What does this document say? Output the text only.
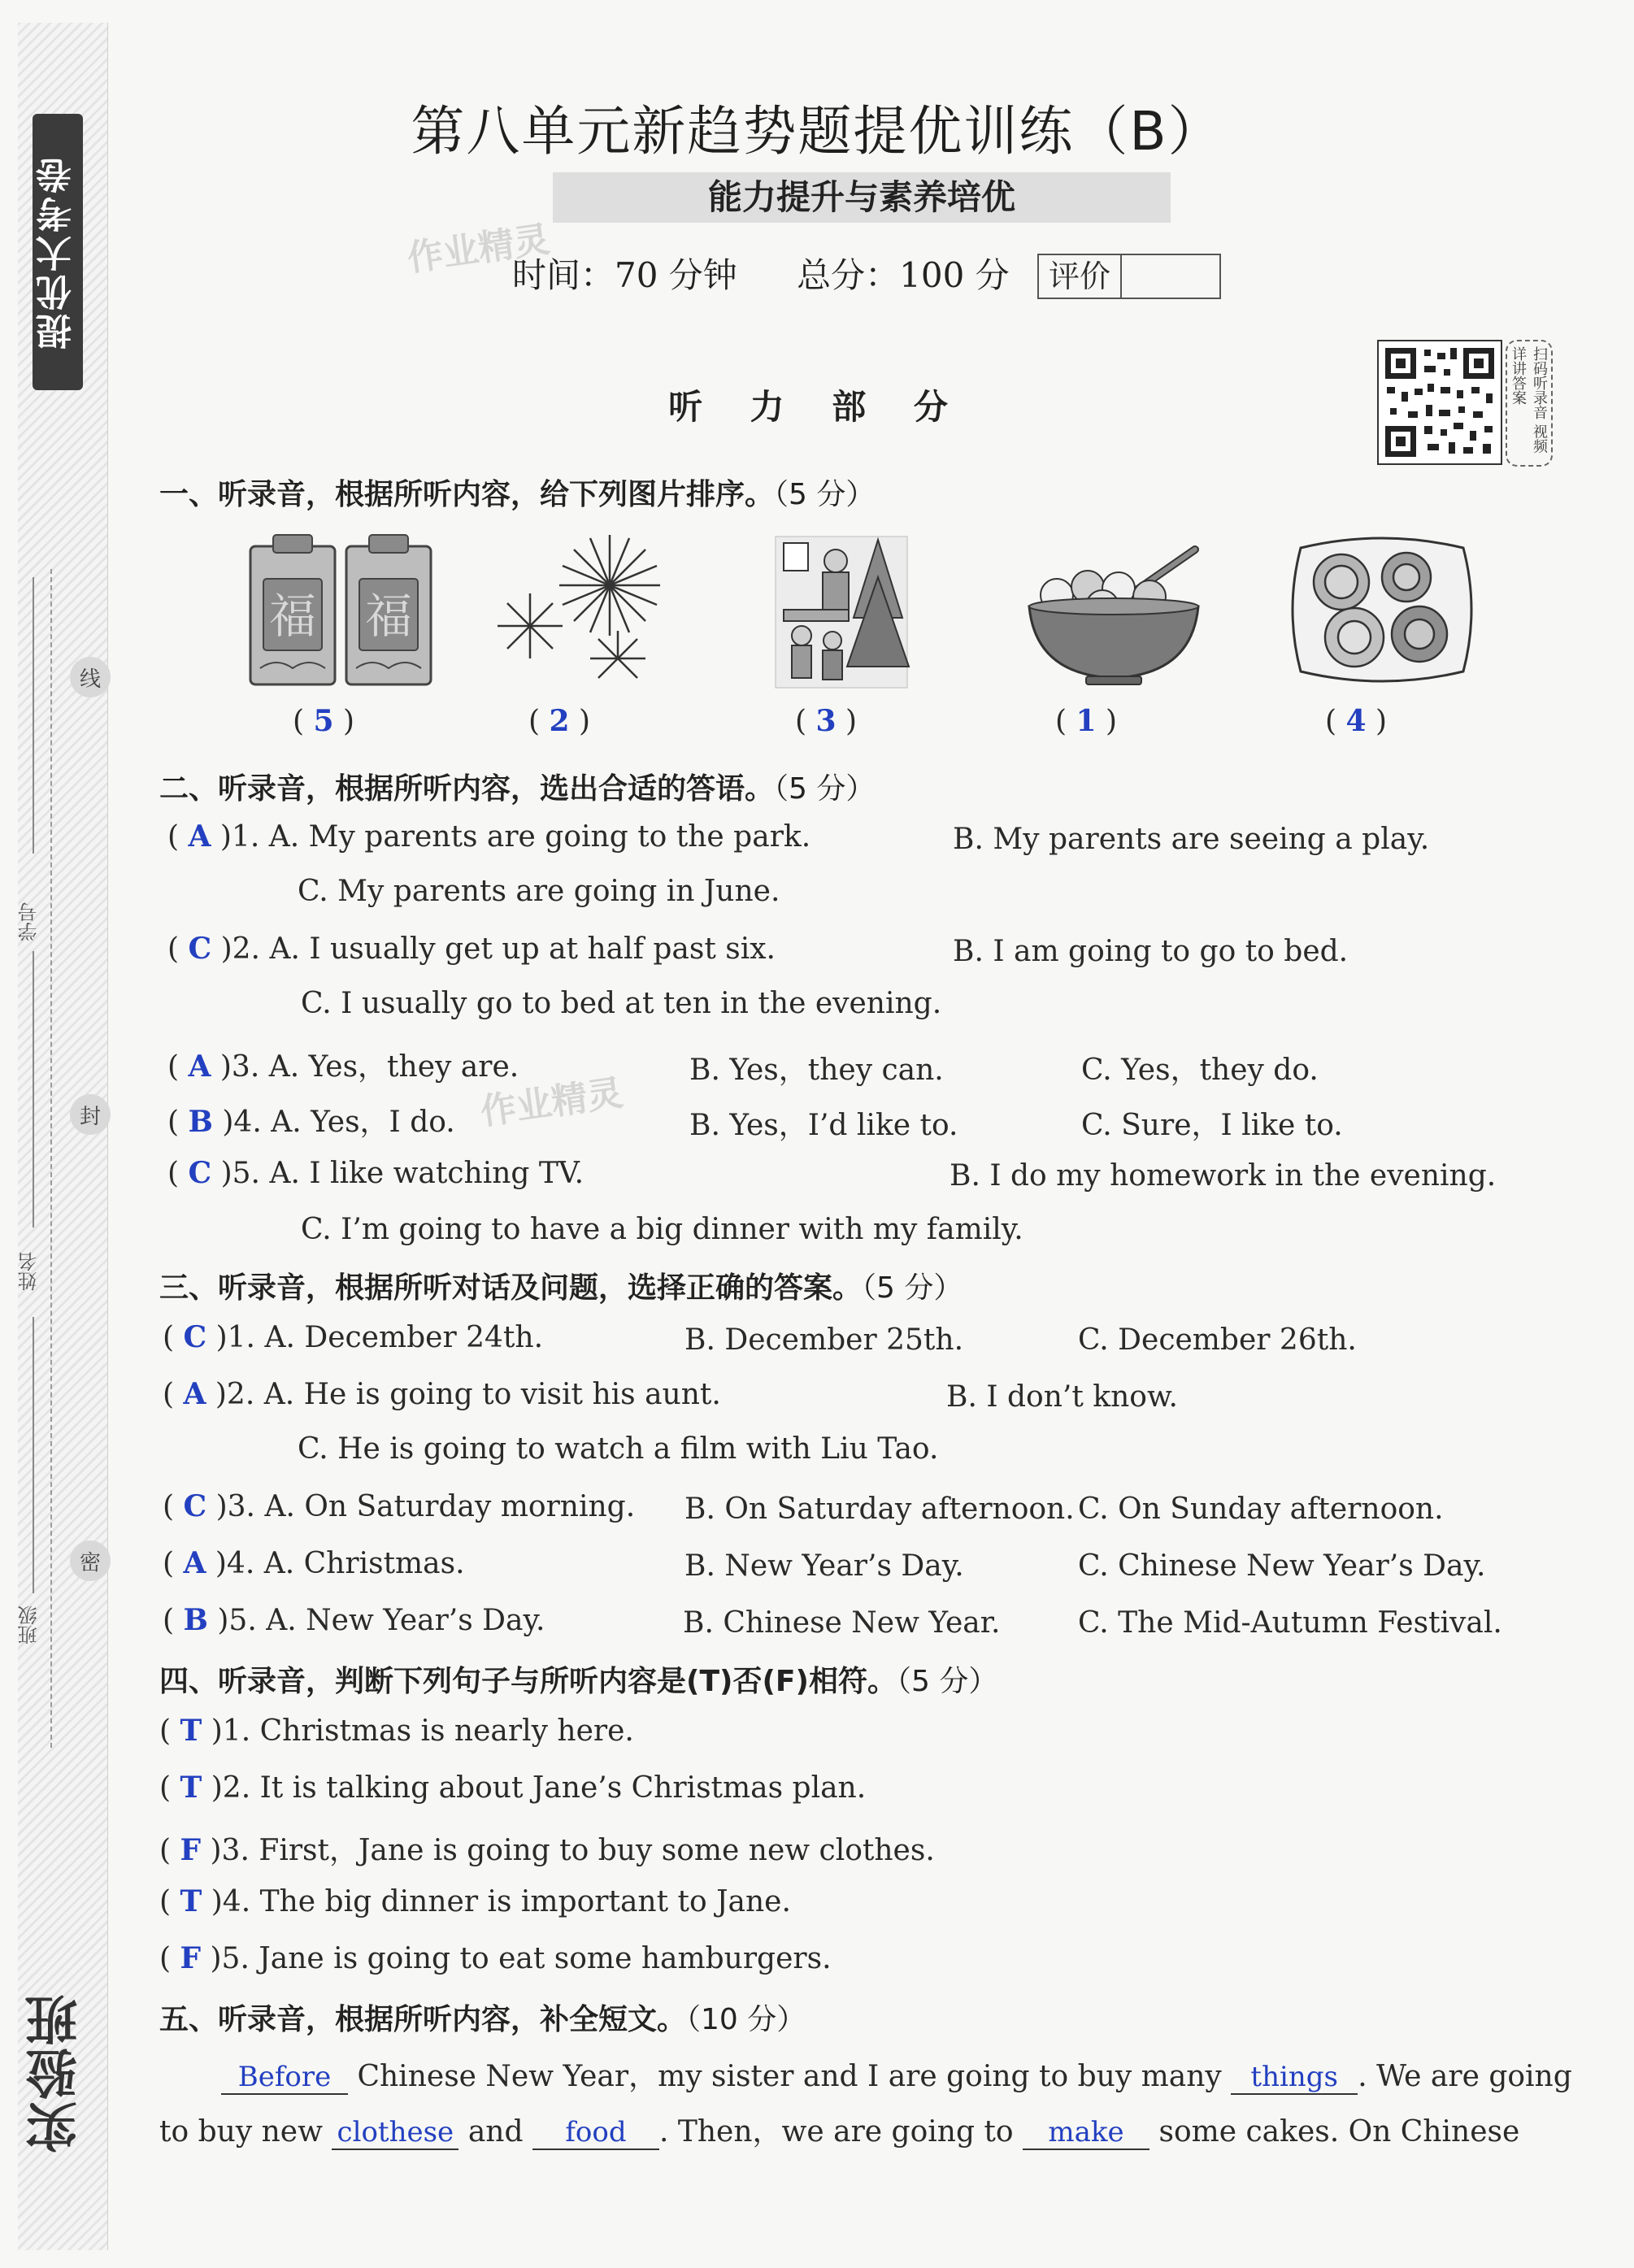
提优大考卷
实验班
线
封
密
学号
姓名
班级
第八单元新趋势题提优训练（B）
能力提升与素养培优
时间：70 分钟 总分：100 分	评价
作业精灵
作业精灵
扫码听录音 视频详讲答案
听 力 部 分
一、听录音，根据所听内容，给下列图片排序。（5 分）
福 福
( 5 )	( 2 )	( 3 )	( 1 )	( 4 )
二、听录音，根据所听内容，选出合适的答语。（5 分）
( A )1. A. My parents are going to the park.	B. My parents are seeing a play.
C. My parents are going in June.
( C )2. A. I usually get up at half past six.	B. I am going to go to bed.
C. I usually go to bed at ten in the evening.
( A )3. A. Yes，they are.	B. Yes，they can.	C. Yes，they do.
( B )4. A. Yes，I do.	B. Yes，I’d like to.	C. Sure，I like to.
( C )5. A. I like watching TV.	B. I do my homework in the evening.
C. I’m going to have a big dinner with my family.
三、听录音，根据所听对话及问题，选择正确的答案。（5 分）
( C )1. A. December 24th.	B. December 25th.	C. December 26th.
( A )2. A. He is going to visit his aunt.	B. I don’t know.
C. He is going to watch a film with Liu Tao.
( C )3. A. On Saturday morning. B. On Saturday afternoon. C. On Sunday afternoon.
( A )4. A. Christmas.	B. New Year’s Day.	C. Chinese New Year’s Day.
( B )5. A. New Year’s Day.	B. Chinese New Year.	C. The Mid-Autumn Festival.
四、听录音，判断下列句子与所听内容是(T)否(F)相符。（5 分）
( T )1. Christmas is nearly here.
( T )2. It is talking about Jane’s Christmas plan.
( F )3. First，Jane is going to buy some new clothes.
( T )4. The big dinner is important to Jane.
( F )5. Jane is going to eat some hamburgers.
五、听录音，根据所听内容，补全短文。（10 分）
Before Chinese New Year，my sister and I are going to buy many things . We are going
to buy new clothese and food . Then，we are going to make some cakes. On Chinese
